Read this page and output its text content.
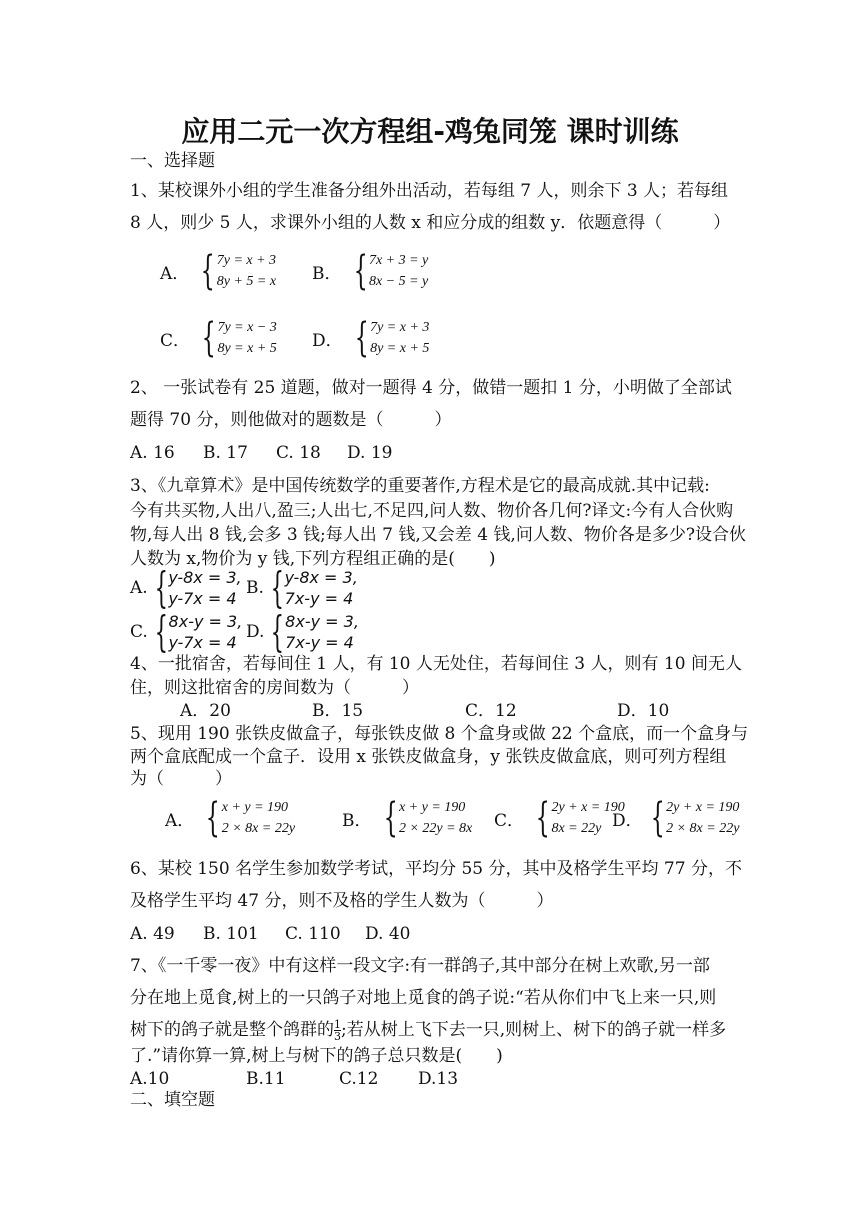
应用二元一次方程组-鸡兔同笼 课时训练
一、选择题
1、某校课外小组的学生准备分组外出活动，若每组 7 人，则余下 3 人；若每组
8 人，则少 5 人，求课外小组的人数 x 和应分成的组数 y．依题意得（　　　）
A． { 7y = x + 3
8y + 5 = x B． { 7x + 3 = y
8x − 5 = y
C． { 7y = x − 3
8y = x + 5 D． { 7y = x + 3
8y = x + 5
2、 一张试卷有 25 道题，做对一题得 4 分，做错一题扣 1 分，小明做了全部试
题得 70 分，则他做对的题数是（　　　）
A. 16 B. 17 C. 18 D. 19
3、《九章算术》是中国传统数学的重要著作,方程术是它的最高成就.其中记载:
今有共买物,人出八,盈三;人出七,不足四,问人数、物价各几何?译文:今有人合伙购
物,每人出 8 钱,会多 3 钱;每人出 7 钱,又会差 4 钱,问人数、物价各是多少?设合伙
人数为 x,物价为 y 钱,下列方程组正确的是(　　)
A. { y-8x = 3,
y-7x = 4
B. { y-8x = 3,
7x-y = 4
C. { 8x-y = 3,
y-7x = 4
D. { 8x-y = 3,
7x-y = 4
4、一批宿舍，若每间住 1 人，有 10 人无处住，若每间住 3 人，则有 10 间无人
住，则这批宿舍的房间数为（　　　）
A．20	B．15	C．12	D．10
5、现用 190 张铁皮做盒子，每张铁皮做 8 个盒身或做 22 个盒底，而一个盒身与
两个盒底配成一个盒子．设用 x 张铁皮做盒身，y 张铁皮做盒底，则可列方程组
为（　　　）
A． { x + y = 190
2 × 8x = 22y	B． { x + y = 190
2 × 22y = 8x C． { 2y + x = 190
8x = 22y D． { 2y + x = 190
2 × 8x = 22y
6、某校 150 名学生参加数学考试，平均分 55 分，其中及格学生平均 77 分，不
及格学生平均 47 分，则不及格的学生人数为（　　　）
A. 49 B. 101 C. 110 D. 40
7、《一千零一夜》中有这样一段文字:有一群鸽子,其中部分在树上欢歌,另一部
分在地上觅食,树上的一只鸽子对地上觅食的鸽子说:“若从你们中飞上来一只,则
树下的鸽子就是整个鸽群的 $\frac{1}{3}$ ;若从树上飞下去一只,则树上、树下的鸽子就一样多
了.”请你算一算,树上与树下的鸽子总只数是(　　)
A.10	B.11	C.12 D.13
二、填空题
